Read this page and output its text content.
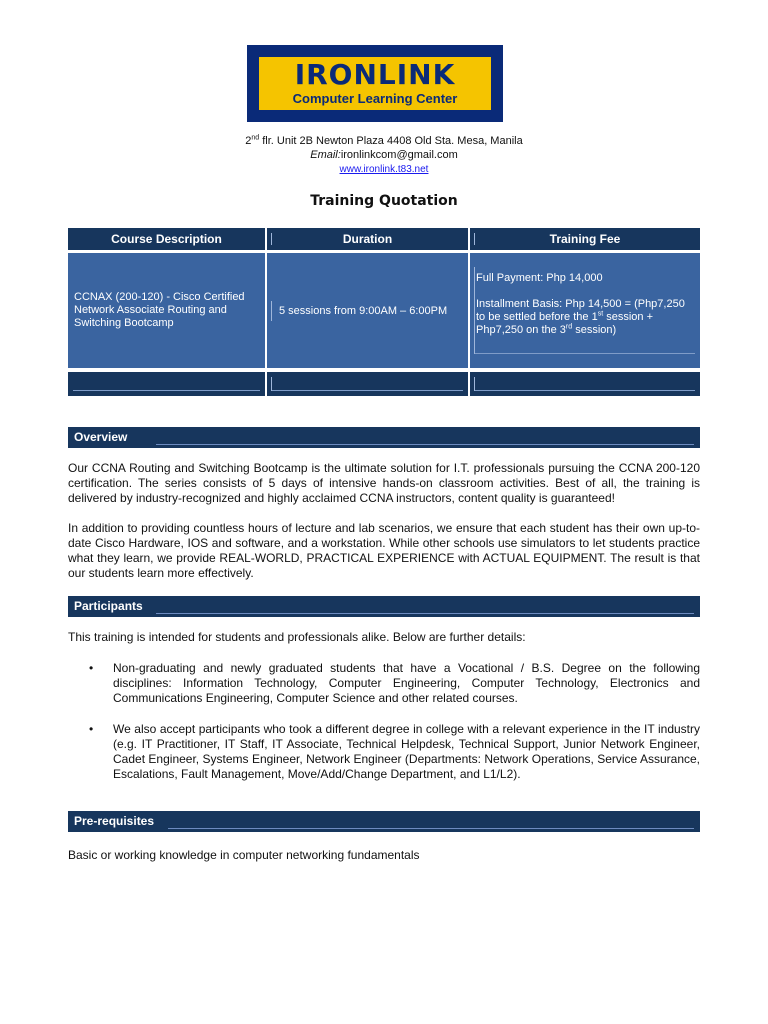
IRONLINK
Computer Learning Center
2nd flr. Unit 2B Newton Plaza 4408 Old Sta. Mesa, Manila
Email:ironlinkcom@gmail.com
www.ironlink.t83.net
Training Quotation
Course Description	Duration	Training Fee
CCNAX (200-120) - Cisco Certified Network Associate Routing and Switching Bootcamp
5 sessions from 9:00AM – 6:00PM
Full Payment: Php 14,000
Installment Basis: Php 14,500 = (Php7,250 to be settled before the 1st session + Php7,250 on the 3rd session)
Overview
Our CCNA Routing and Switching Bootcamp is the ultimate solution for I.T. professionals pursuing the CCNA 200-120 certification. The series consists of 5 days of intensive hands-on classroom activities. Best of all, the training is delivered by industry-recognized and highly acclaimed CCNA instructors, content quality is guaranteed!
In addition to providing countless hours of lecture and lab scenarios, we ensure that each student has their own up-to-date Cisco Hardware, IOS and software, and a workstation. While other schools use simulators to let students practice what they learn, we provide REAL-WORLD, PRACTICAL EXPERIENCE with ACTUAL EQUIPMENT. The result is that our students learn more effectively.
Participants
This training is intended for students and professionals alike. Below are further details:
• Non-graduating and newly graduated students that have a Vocational / B.S. Degree on the following disciplines: Information Technology, Computer Engineering, Computer Technology, Electronics and Communications Engineering, Computer Science and other related courses.
• We also accept participants who took a different degree in college with a relevant experience in the IT industry (e.g. IT Practitioner, IT Staff, IT Associate, Technical Helpdesk, Technical Support, Junior Network Engineer, Cadet Engineer, Systems Engineer, Network Engineer (Departments: Network Operations, Service Assurance, Escalations, Fault Management, Move/Add/Change Department, and L1/L2).
Pre-requisites
Basic or working knowledge in computer networking fundamentals
